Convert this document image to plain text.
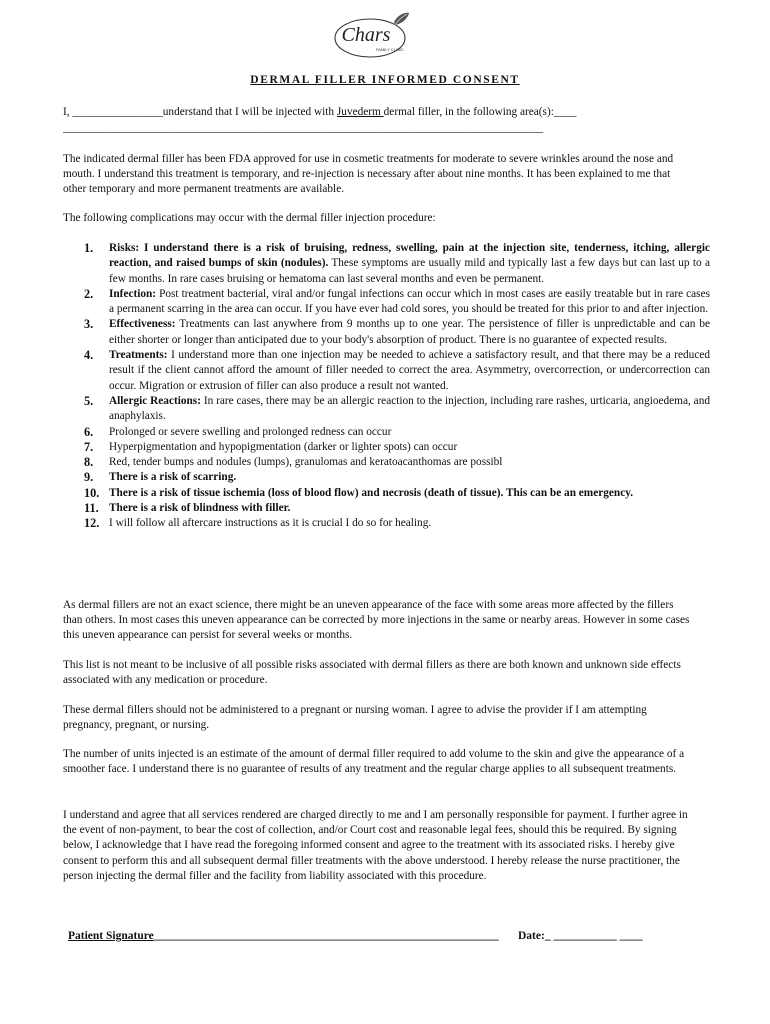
Chars
FAMILY CLINIC
DERMAL FILLER INFORMED CONSENT

I, ________________understand that I will be injected with Juvederm dermal filler, in the following area(s):____

_____________________________________________________________________________________

The indicated dermal filler has been FDA approved for use in cosmetic treatments for moderate to severe wrinkles around the nose and mouth. I understand this treatment is temporary, and re-injection is necessary after about nine months. It has been explained to me that other temporary and more permanent treatments are available.

The following complications may occur with the dermal filler injection procedure:

1.	Risks: I understand there is a risk of bruising, redness, swelling, pain at the injection site, tenderness, itching, allergic reaction, and raised bumps of skin (nodules). These symptoms are usually mild and typically last a few days but can last up to a few months. In rare cases bruising or hematoma can last several months and even be permanent.
2.	Infection: Post treatment bacterial, viral and/or fungal infections can occur which in most cases are easily treatable but in rare cases a permanent scarring in the area can occur. If you have ever had cold sores, you should be treated for this prior to and after injection.
3.	Effectiveness: Treatments can last anywhere from 9 months up to one year. The persistence of filler is unpredictable and can be either shorter or longer than anticipated due to your body's absorption of product. There is no guarantee of expected results.
4.	Treatments: I understand more than one injection may be needed to achieve a satisfactory result, and that there may be a reduced result if the client cannot afford the amount of filler needed to correct the area. Asymmetry, overcorrection, or undercorrection can occur. Migration or extrusion of filler can also produce a result not wanted.
5.	Allergic Reactions: In rare cases, there may be an allergic reaction to the injection, including rare rashes, urticaria, angioedema, and anaphylaxis.
6.	Prolonged or severe swelling and prolonged redness can occur
7.	Hyperpigmentation and hypopigmentation (darker or lighter spots) can occur
8.	Red, tender bumps and nodules (lumps), granulomas and keratoacanthomas are possibl
9.	There is a risk of scarring.
10. There is a risk of tissue ischemia (loss of blood flow) and necrosis (death of tissue). This can be an emergency.
11. There is a risk of blindness with filler.
12. I will follow all aftercare instructions as it is crucial I do so for healing.

As dermal fillers are not an exact science, there might be an uneven appearance of the face with some areas more affected by the fillers than others. In most cases this uneven appearance can be corrected by more injections in the same or nearby areas. However in some cases this uneven appearance can persist for several weeks or months.

This list is not meant to be inclusive of all possible risks associated with dermal fillers as there are both known and unknown side effects associated with any medication or procedure.

These dermal fillers should not be administered to a pregnant or nursing woman. I agree to advise the provider if I am attempting pregnancy, pregnant, or nursing.

The number of units injected is an estimate of the amount of dermal filler required to add volume to the skin and give the appearance of a smoother face. I understand there is no guarantee of results of any treatment and the regular charge applies to all subsequent treatments.

I understand and agree that all services rendered are charged directly to me and I am personally responsible for payment. I further agree in the event of non-payment, to bear the cost of collection, and/or Court cost and reasonable legal fees, should this be required. By signing below, I acknowledge that I have read the foregoing informed consent and agree to the treatment with its associated risks. I hereby give consent to perform this and all subsequent dermal filler treatments with the above understood. I hereby release the nurse practitioner, the person injecting the dermal filler and the facility from liability associated with this procedure.

Patient Signature____________________________________________________________ Date:_ ___________ ____
